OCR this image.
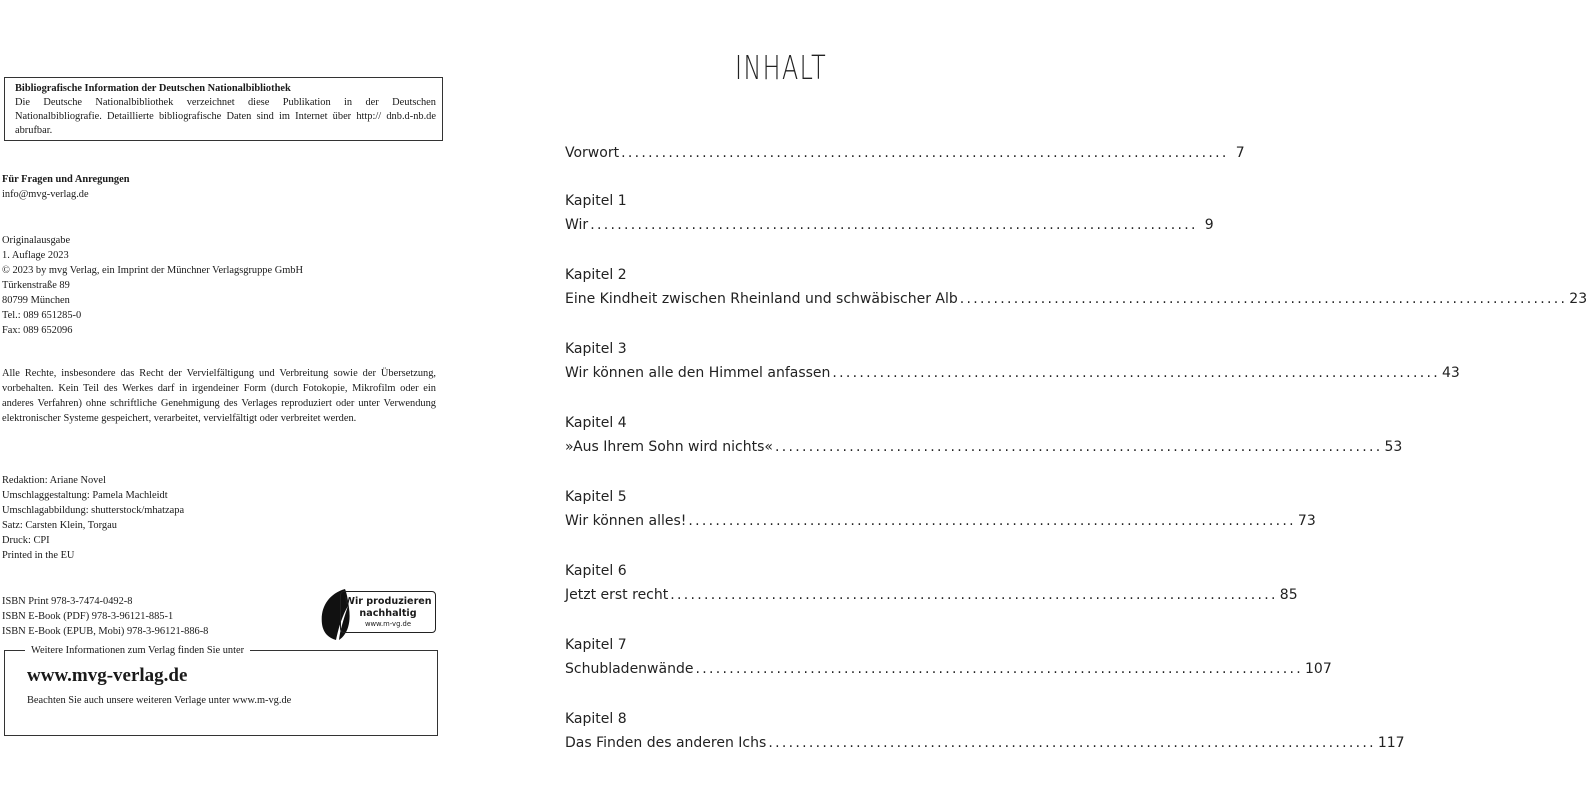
Bibliografische Information der Deutschen Nationalbibliothek
Die Deutsche Nationalbibliothek verzeichnet diese Publikation in der Deutschen Nationalbibliografie. Detaillierte bibliografische Daten sind im Internet über http:// dnb.d-nb.de abrufbar.
Für Fragen und Anregungen
info@mvg-verlag.de
Originalausgabe
1. Auflage 2023
© 2023 by mvg Verlag, ein Imprint der Münchner Verlagsgruppe GmbH
Türkenstraße 89
80799 München
Tel.: 089 651285-0
Fax: 089 652096
Alle Rechte, insbesondere das Recht der Vervielfältigung und Verbreitung sowie der Übersetzung, vorbehalten. Kein Teil des Werkes darf in irgendeiner Form (durch Fotokopie, Mikrofilm oder ein anderes Verfahren) ohne schriftliche Genehmigung des Verlages reproduziert oder unter Verwendung elektronischer Systeme gespeichert, verarbeitet, vervielfältigt oder verbreitet werden.
Redaktion: Ariane Novel
Umschlaggestaltung: Pamela Machleidt
Umschlagabbildung: shutterstock/mhatzapa
Satz: Carsten Klein, Torgau
Druck: CPI
Printed in the EU
ISBN Print 978-3-7474-0492-8
ISBN E-Book (PDF) 978-3-96121-885-1
ISBN E-Book (EPUB, Mobi) 978-3-96121-886-8
Wir produzieren
nachhaltig
www.m-vg.de
Weitere Informationen zum Verlag finden Sie unter
www.mvg-verlag.de
Beachten Sie auch unsere weiteren Verlage unter www.m-vg.de
INHALT
Vorwort .......................................................................................... 7
Kapitel 1
Wir .......................................................................................... 9
Kapitel 2
Eine Kindheit zwischen Rheinland und schwäbischer Alb .......................................................................................... 23
Kapitel 3
Wir können alle den Himmel anfassen .......................................................................................... 43
Kapitel 4
»Aus Ihrem Sohn wird nichts« .......................................................................................... 53
Kapitel 5
Wir können alles! .......................................................................................... 73
Kapitel 6
Jetzt erst recht .......................................................................................... 85
Kapitel 7
Schubladenwände .......................................................................................... 107
Kapitel 8
Das Finden des anderen Ichs .......................................................................................... 117
